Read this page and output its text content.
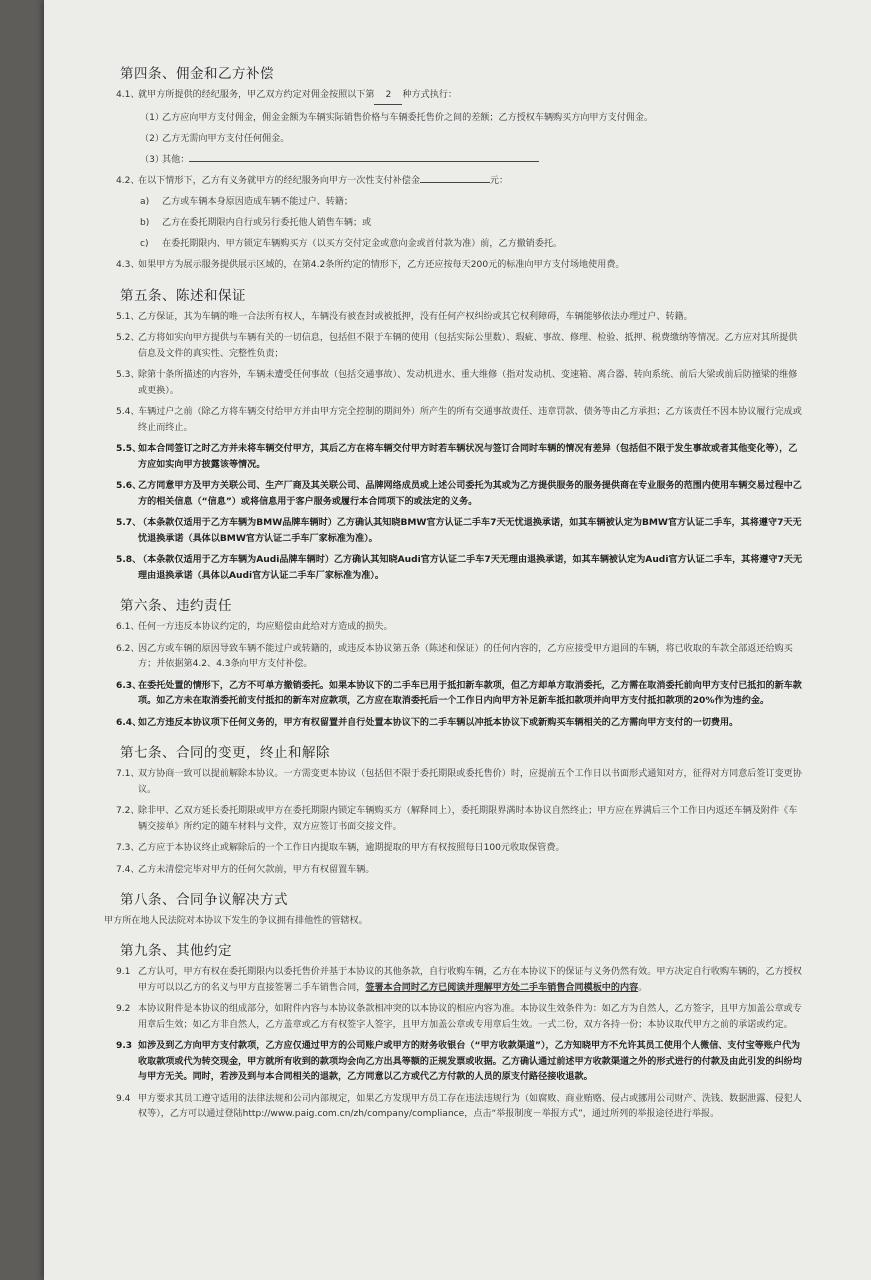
第四条、佣金和乙方补偿
4.1、
就甲方所提供的经纪服务，甲乙双方约定对佣金按照以下第 2 种方式执行：
（1）
乙方应向甲方支付佣金，佣金金额为车辆实际销售价格与车辆委托售价之间的差额；乙方授权车辆购买方向甲方支付佣金。
（2）
乙方无需向甲方支付任何佣金。
（3）
其他：
4.2、
在以下情形下，乙方有义务就甲方的经纪服务向甲方一次性支付补偿金	元：
a) 乙方或车辆本身原因造成车辆不能过户、转籍；
b) 乙方在委托期限内自行或另行委托他人销售车辆；或
c) 在委托期限内、甲方锁定车辆购买方（以买方交付定金或意向金或首付款为准）前，乙方撤销委托。
4.3、
如果甲方为展示服务提供展示区域的，在第4.2条所约定的情形下，乙方还应按每天200元的标准向甲方支付场地使用费。
第五条、陈述和保证
5.1、
乙方保证，其为车辆的唯一合法所有权人，车辆没有被查封或被抵押，没有任何产权纠纷或其它权利障碍，车辆能够依法办理过户、转籍。
5.2、
乙方将如实向甲方提供与车辆有关的一切信息，包括但不限于车辆的使用（包括实际公里数）、瑕疵、事故、修理、检验、抵押、税费缴纳等情况。乙方应对其所提供信息及文件的真实性、完整性负责；
5.3、
除第十条所描述的内容外，车辆未遭受任何事故（包括交通事故）、发动机进水、重大维修（指对发动机、变速箱、离合器、转向系统、前后大梁或前后防撞梁的维修或更换）。
5.4、
车辆过户之前（除乙方将车辆交付给甲方并由甲方完全控制的期间外）所产生的所有交通事故责任、违章罚款、债务等由乙方承担；乙方该责任不因本协议履行完成或终止而终止。
5.5、
如本合同签订之时乙方并未将车辆交付甲方，其后乙方在将车辆交付甲方时若车辆状况与签订合同时车辆的情况有差异（包括但不限于发生事故或者其他变化等），乙方应如实向甲方披露该等情况。
5.6、
乙方同意甲方及甲方关联公司、生产厂商及其关联公司、品牌网络成员或上述公司委托为其或为乙方提供服务的服务提供商在专业服务的范围内使用车辆交易过程中乙方的相关信息（“信息”）或将信息用于客户服务或履行本合同项下的或法定的义务。
5.7、
（本条款仅适用于乙方车辆为BMW品牌车辆时）乙方确认其知晓BMW官方认证二手车7天无忧退换承诺，如其车辆被认定为BMW官方认证二手车，其将遵守7天无忧退换承诺（具体以BMW官方认证二手车厂家标准为准）。
5.8、
（本条款仅适用于乙方车辆为Audi品牌车辆时）乙方确认其知晓Audi官方认证二手车7天无理由退换承诺，如其车辆被认定为Audi官方认证二手车，其将遵守7天无理由退换承诺（具体以Audi官方认证二手车厂家标准为准）。
第六条、违约责任
6.1、
任何一方违反本协议约定的，均应赔偿由此给对方造成的损失。
6.2、
因乙方或车辆的原因导致车辆不能过户或转籍的，或违反本协议第五条（陈述和保证）的任何内容的，乙方应接受甲方退回的车辆，将已收取的车款全部返还给购买方；并依据第4.2、4.3条向甲方支付补偿。
6.3、
在委托处置的情形下，乙方不可单方撤销委托。如果本协议下的二手车已用于抵扣新车款项，但乙方却单方取消委托，乙方需在取消委托前向甲方支付已抵扣的新车款项。如乙方未在取消委托前支付抵扣的新车对应款项，乙方应在取消委托后一个工作日内向甲方补足新车抵扣款项并向甲方支付抵扣款项的20%作为违约金。
6.4、
如乙方违反本协议项下任何义务的，甲方有权留置并自行处置本协议下的二手车辆以冲抵本协议下或新购买车辆相关的乙方需向甲方支付的一切费用。
第七条、合同的变更，终止和解除
7.1、
双方协商一致可以提前解除本协议。一方需变更本协议（包括但不限于委托期限或委托售价）时，应提前五个工作日以书面形式通知对方，征得对方同意后签订变更协议。
7.2、
除非甲、乙双方延长委托期限或甲方在委托期限内锁定车辆购买方（解释同上），委托期限界满时本协议自然终止；甲方应在界满后三个工作日内返还车辆及附件《车辆交接单》所约定的随车材料与文件，双方应签订书面交接文件。
7.3、
乙方应于本协议终止或解除后的一个工作日内提取车辆，逾期提取的甲方有权按照每日100元收取保管费。
7.4、
乙方未清偿完毕对甲方的任何欠款前，甲方有权留置车辆。
第八条、合同争议解决方式
甲方所在地人民法院对本协议下发生的争议拥有排他性的管辖权。
第九条、其他约定
9.1 乙方认可，甲方有权在委托期限内以委托售价并基于本协议的其他条款，自行收购车辆，乙方在本协议下的保证与义务仍然有效。甲方决定自行收购车辆的，乙方授权甲方可以以乙方的名义与甲方直接签署二手车销售合同，签署本合同时乙方已阅读并理解甲方处二手车销售合同模板中的内容。
9.2 本协议附件是本协议的组成部分，如附件内容与本协议条款相冲突的以本协议的相应内容为准。本协议生效条件为：如乙方为自然人，乙方签字，且甲方加盖公章或专用章后生效；如乙方非自然人，乙方盖章或乙方有权签字人签字，且甲方加盖公章或专用章后生效。一式二份，双方各持一份；本协议取代甲方之前的承诺或约定。
9.3 如涉及到乙方向甲方支付款项，乙方应仅通过甲方的公司账户或甲方的财务收银台（“甲方收款渠道”），乙方知晓甲方不允许其员工使用个人微信、支付宝等账户代为收取款项或代为转交现金，甲方就所有收到的款项均会向乙方出具等额的正规发票或收据。乙方确认通过前述甲方收款渠道之外的形式进行的付款及由此引发的纠纷均与甲方无关。同时，若涉及到与本合同相关的退款，乙方同意以乙方或代乙方付款的人员的原支付路径接收退款。
9.4 甲方要求其员工遵守适用的法律法规和公司内部规定，如果乙方发现甲方员工存在违法违规行为（如腐败、商业贿赂、侵占或挪用公司财产、洗钱、数据泄露、侵犯人权等），乙方可以通过登陆http://www.paig.com.cn/zh/company/compliance，点击“举报制度－举报方式”，通过所列的举报途径进行举报。
